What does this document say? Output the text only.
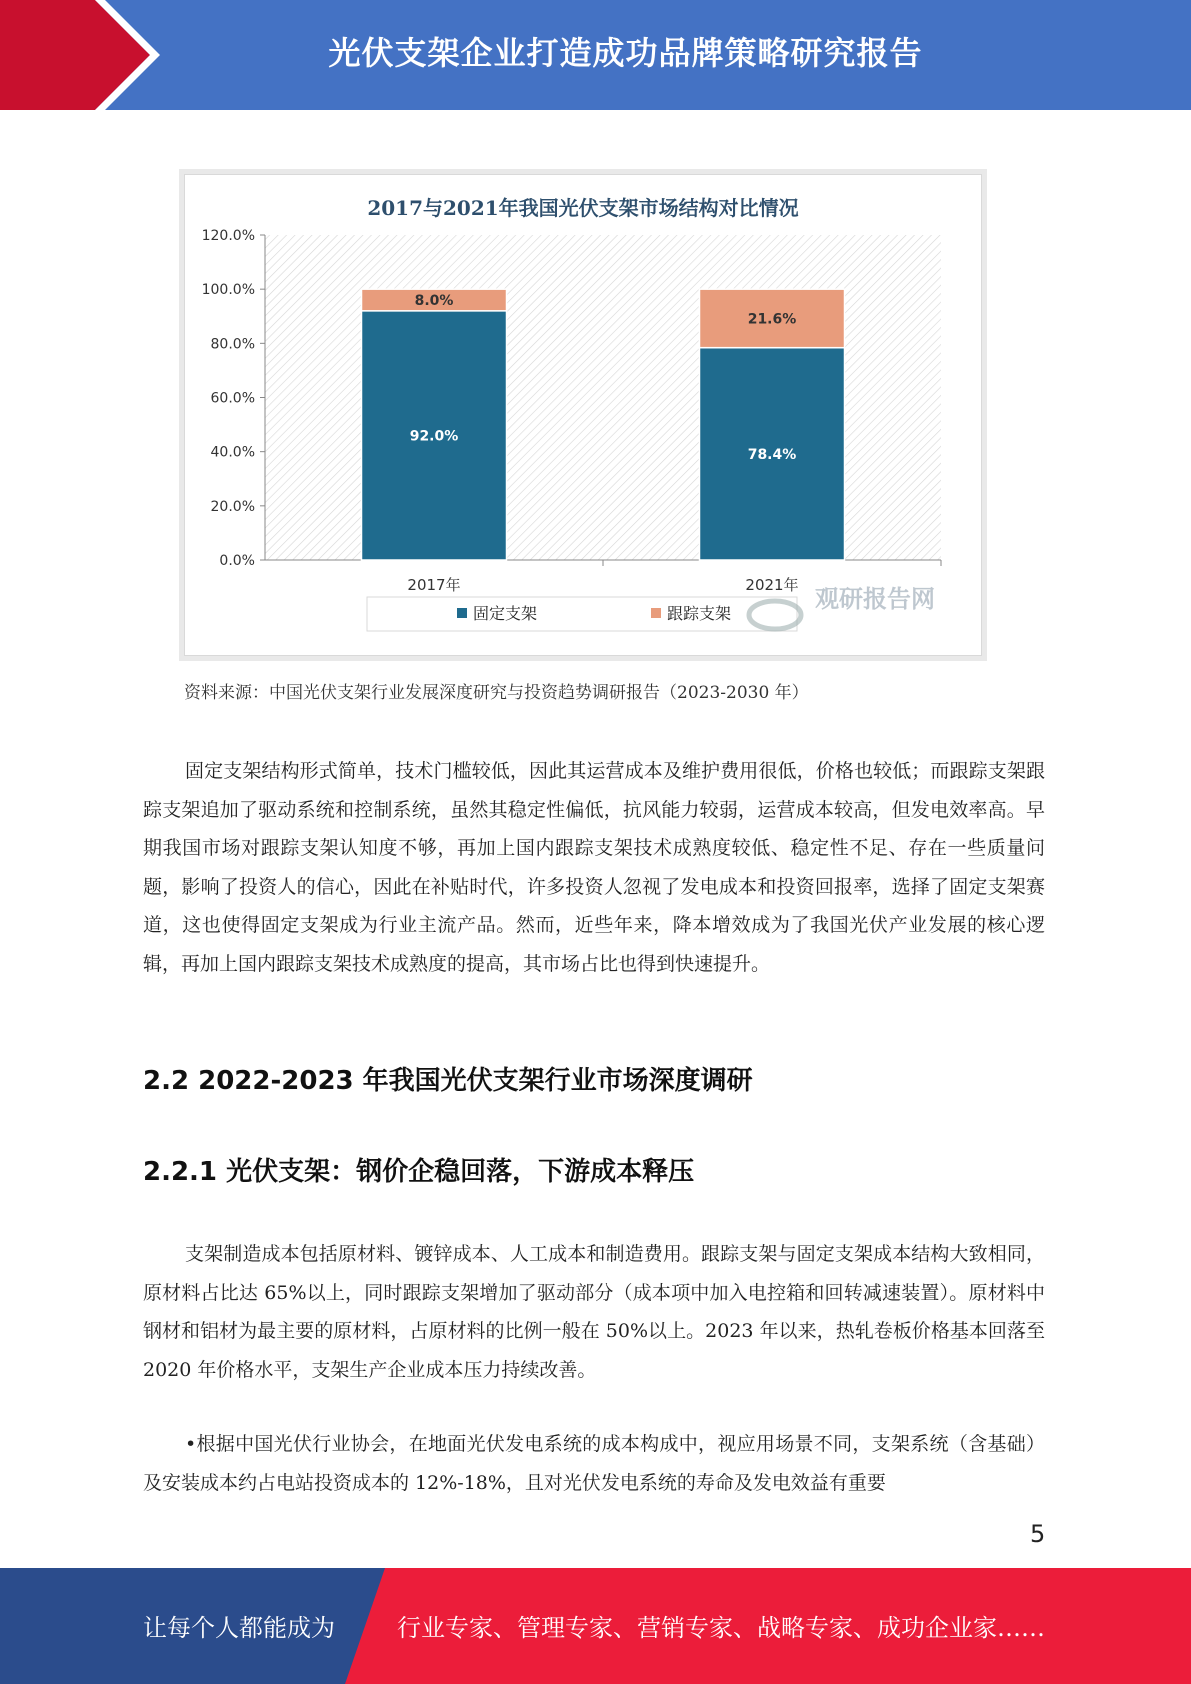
光伏支架企业打造成功品牌策略研究报告
2017与2021年我国光伏支架市场结构对比情况
0.0%
20.0%
40.0%
60.0%
80.0%
100.0%
120.0%
2017年	2021年
92.0%
8.0%
78.4%
21.6%
固定支架	跟踪支架
观研报告网
资料来源：中国光伏支架行业发展深度研究与投资趋势调研报告（2023-2030 年）

固定支架结构形式简单，技术门槛较低，因此其运营成本及维护费用很低，价格也较低；而跟踪支架跟踪支架追加了驱动系统和控制系统，虽然其稳定性偏低，抗风能力较弱，运营成本较高，但发电效率高。早期我国市场对跟踪支架认知度不够，再加上国内跟踪支架技术成熟度较低、稳定性不足、存在一些质量问题，影响了投资人的信心，因此在补贴时代，许多投资人忽视了发电成本和投资回报率，选择了固定支架赛道，这也使得固定支架成为行业主流产品。然而，近些年来，降本增效成为了我国光伏产业发展的核心逻辑，再加上国内跟踪支架技术成熟度的提高，其市场占比也得到快速提升。

2.2 2022-2023 年我国光伏支架行业市场深度调研
2.2.1 光伏支架：钢价企稳回落，下游成本释压

支架制造成本包括原材料、镀锌成本、人工成本和制造费用。跟踪支架与固定支架成本结构大致相同，原材料占比达 65%以上，同时跟踪支架增加了驱动部分（成本项中加入电控箱和回转减速装置）。原材料中钢材和铝材为最主要的原材料，占原材料的比例一般在 50%以上。2023 年以来，热轧卷板价格基本回落至 2020 年价格水平，支架生产企业成本压力持续改善。

•根据中国光伏行业协会，在地面光伏发电系统的成本构成中，视应用场景不同，支架系统（含基础）及安装成本约占电站投资成本的 12%-18%，且对光伏发电系统的寿命及发电效益有重要

5
让每个人都能成为	行业专家、管理专家、营销专家、战略专家、成功企业家……
